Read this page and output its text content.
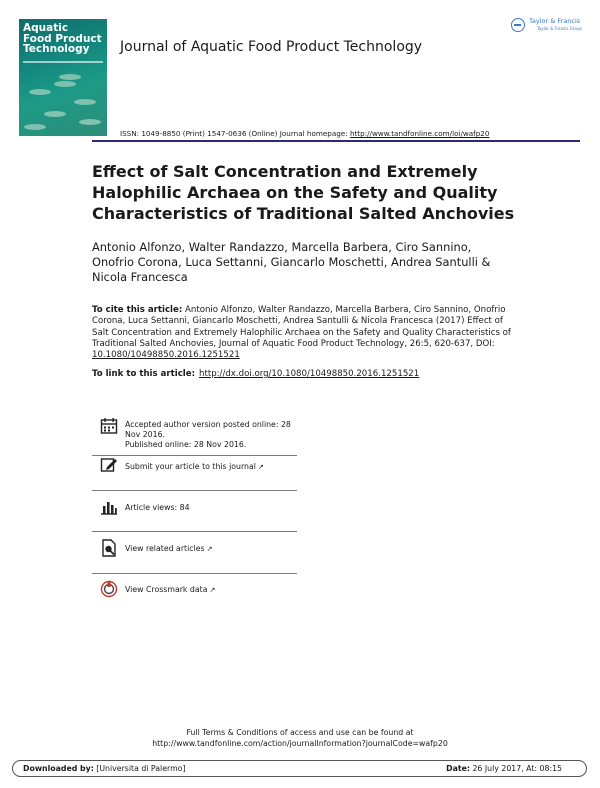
Aquatic
Food Product
Technology	Journal of Aquatic Food Product Technology
Taylor & Francis
Taylor & Francis Group
ISSN: 1049-8850 (Print) 1547-0636 (Online) Journal homepage: http://www.tandfonline.com/loi/wafp20
Effect of Salt Concentration and Extremely Halophilic Archaea on the Safety and Quality Characteristics of Traditional Salted Anchovies
Antonio Alfonzo, Walter Randazzo, Marcella Barbera, Ciro Sannino, Onofrio Corona, Luca Settanni, Giancarlo Moschetti, Andrea Santulli & Nicola Francesca
To cite this article: Antonio Alfonzo, Walter Randazzo, Marcella Barbera, Ciro Sannino, Onofrio Corona, Luca Settanni, Giancarlo Moschetti, Andrea Santulli & Nicola Francesca (2017) Effect of Salt Concentration and Extremely Halophilic Archaea on the Safety and Quality Characteristics of Traditional Salted Anchovies, Journal of Aquatic Food Product Technology, 26:5, 620-637, DOI: 10.1080/10498850.2016.1251521
To link to this article: http://dx.doi.org/10.1080/10498850.2016.1251521
Accepted author version posted online: 28 Nov 2016.
Published online: 28 Nov 2016.
Submit your article to this journal ↗
Article views: 84
View related articles ↗
View Crossmark data ↗
Full Terms & Conditions of access and use can be found at
http://www.tandfonline.com/action/journalInformation?journalCode=wafp20
Downloaded by: [Universita di Palermo]	Date: 26 July 2017, At: 08:15
